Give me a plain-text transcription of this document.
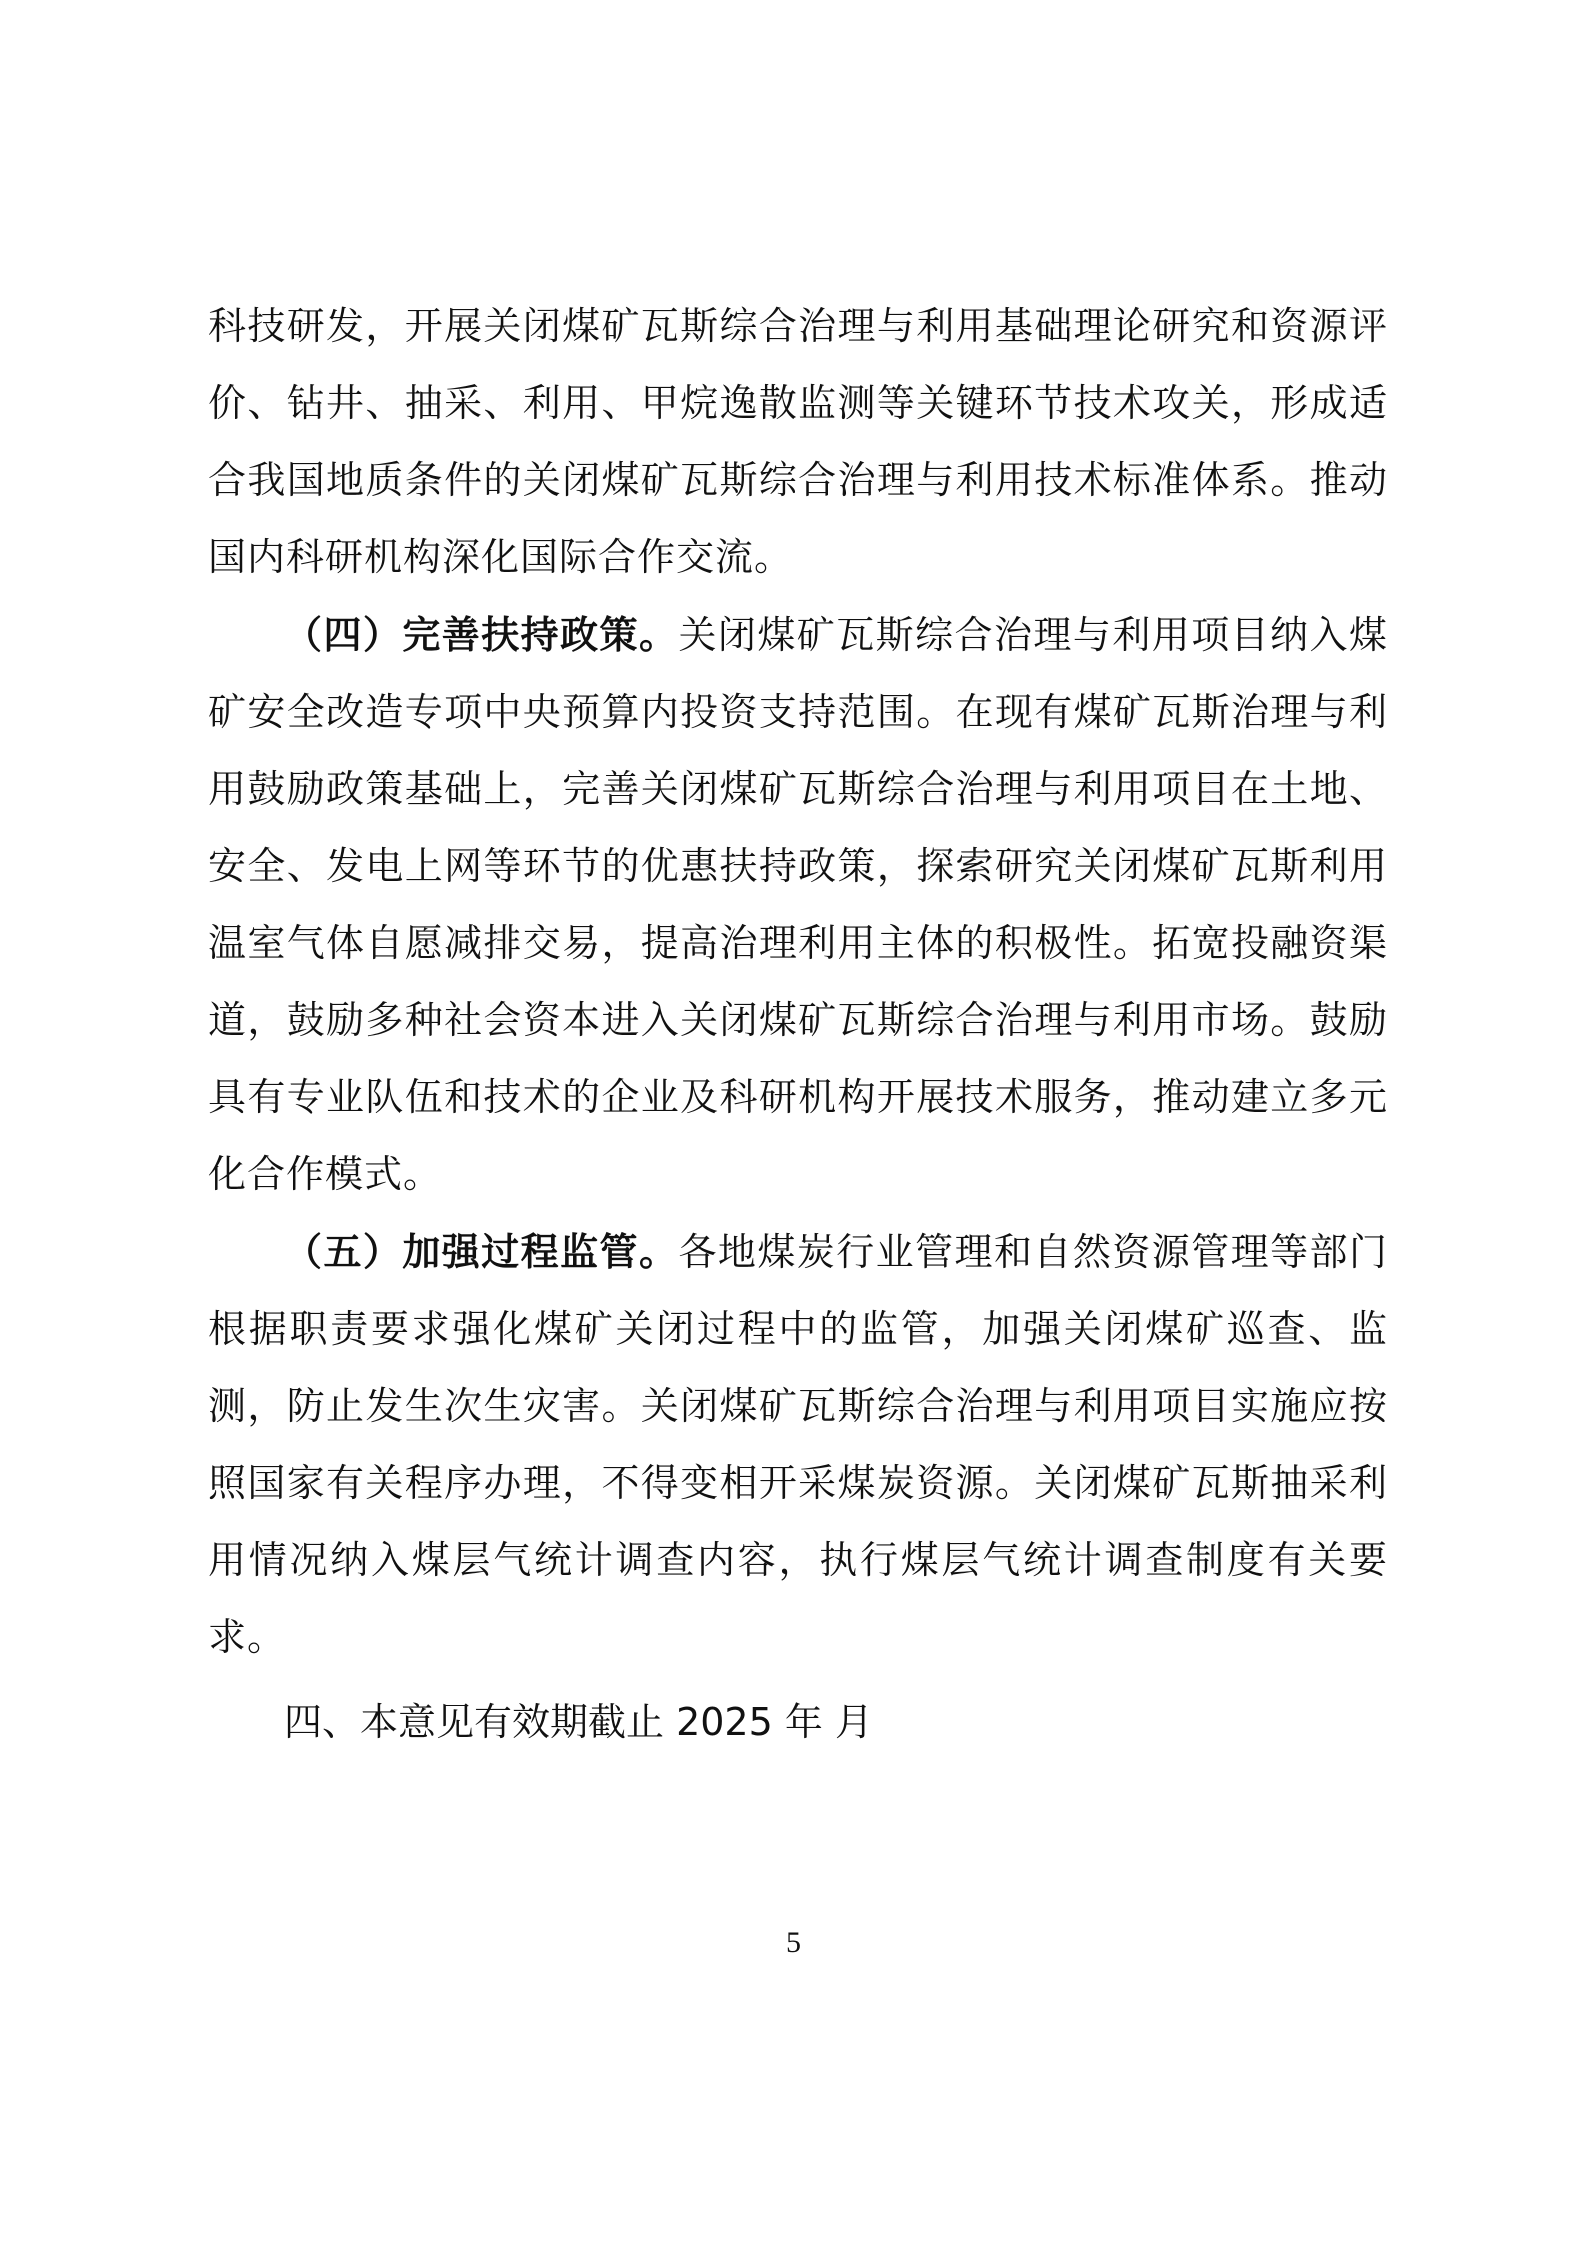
科技研发，开展关闭煤矿瓦斯综合治理与利用基础理论研究和资源评价、钻井、抽采、利用、甲烷逸散监测等关键环节技术攻关，形成适合我国地质条件的关闭煤矿瓦斯综合治理与利用技术标准体系。推动国内科研机构深化国际合作交流。

（四）完善扶持政策。关闭煤矿瓦斯综合治理与利用项目纳入煤矿安全改造专项中央预算内投资支持范围。在现有煤矿瓦斯治理与利用鼓励政策基础上，完善关闭煤矿瓦斯综合治理与利用项目在土地、安全、发电上网等环节的优惠扶持政策，探索研究关闭煤矿瓦斯利用温室气体自愿减排交易，提高治理利用主体的积极性。拓宽投融资渠道，鼓励多种社会资本进入关闭煤矿瓦斯综合治理与利用市场。鼓励具有专业队伍和技术的企业及科研机构开展技术服务，推动建立多元化合作模式。

（五）加强过程监管。各地煤炭行业管理和自然资源管理等部门根据职责要求强化煤矿关闭过程中的监管，加强关闭煤矿巡查、监测，防止发生次生灾害。关闭煤矿瓦斯综合治理与利用项目实施应按照国家有关程序办理，不得变相开采煤炭资源。关闭煤矿瓦斯抽采利用情况纳入煤层气统计调查内容，执行煤层气统计调查制度有关要求。

四、本意见有效期截止 2025 年 月

5
